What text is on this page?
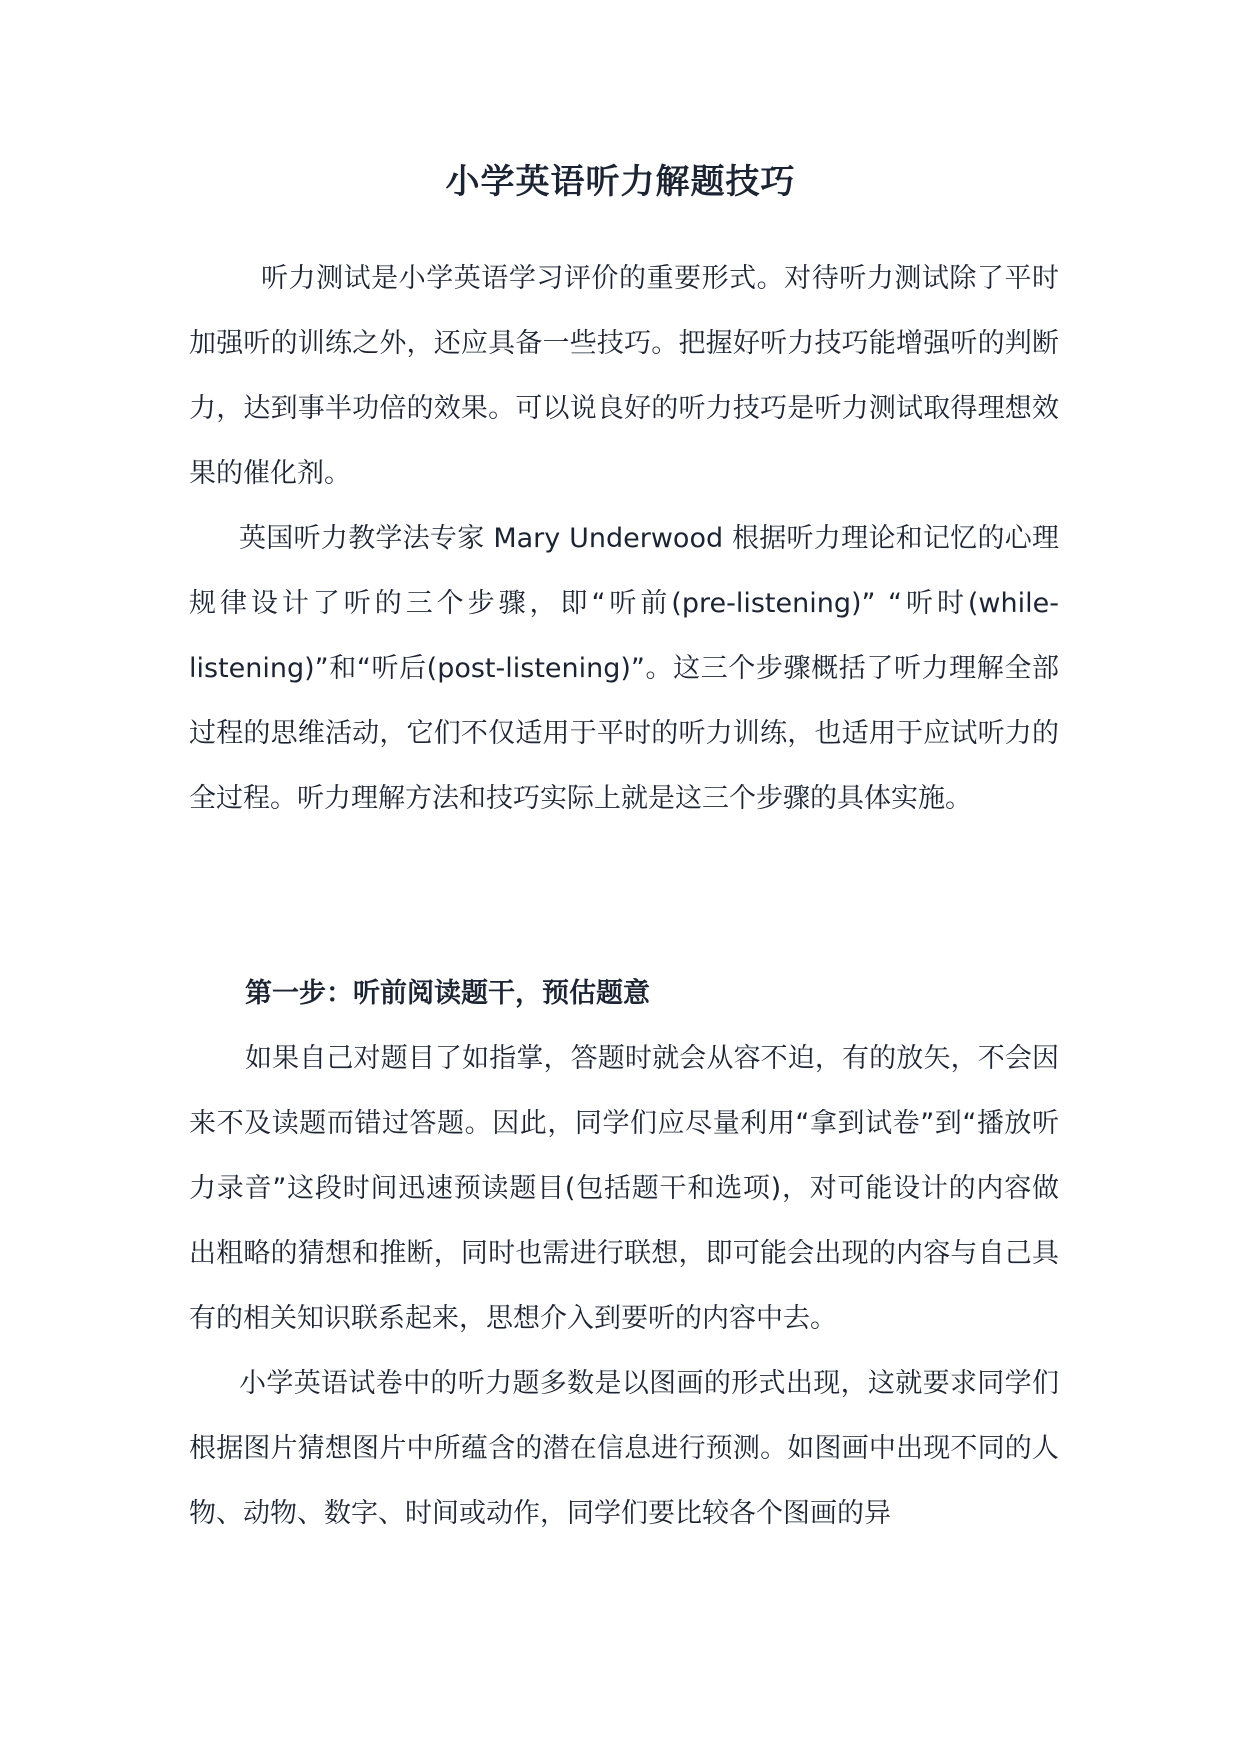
小学英语听力解题技巧

听力测试是小学英语学习评价的重要形式。对待听力测试除了平时加强听的训练之外，还应具备一些技巧。把握好听力技巧能增强听的判断力，达到事半功倍的效果。可以说良好的听力技巧是听力测试取得理想效果的催化剂。

英国听力教学法专家 Mary Underwood 根据听力理论和记忆的心理规律设计了听的三个步骤，即“听前(pre-listening)” “听时(while-listening)”和“听后(post-listening)”。这三个步骤概括了听力理解全部过程的思维活动，它们不仅适用于平时的听力训练，也适用于应试听力的全过程。听力理解方法和技巧实际上就是这三个步骤的具体实施。

第一步：听前阅读题干，预估题意

如果自己对题目了如指掌，答题时就会从容不迫，有的放矢，不会因来不及读题而错过答题。因此，同学们应尽量利用“拿到试卷”到“播放听力录音”这段时间迅速预读题目(包括题干和选项)，对可能设计的内容做出粗略的猜想和推断，同时也需进行联想，即可能会出现的内容与自己具有的相关知识联系起来，思想介入到要听的内容中去。

小学英语试卷中的听力题多数是以图画的形式出现，这就要求同学们根据图片猜想图片中所蕴含的潜在信息进行预测。如图画中出现不同的人物、动物、数字、时间或动作，同学们要比较各个图画的异
